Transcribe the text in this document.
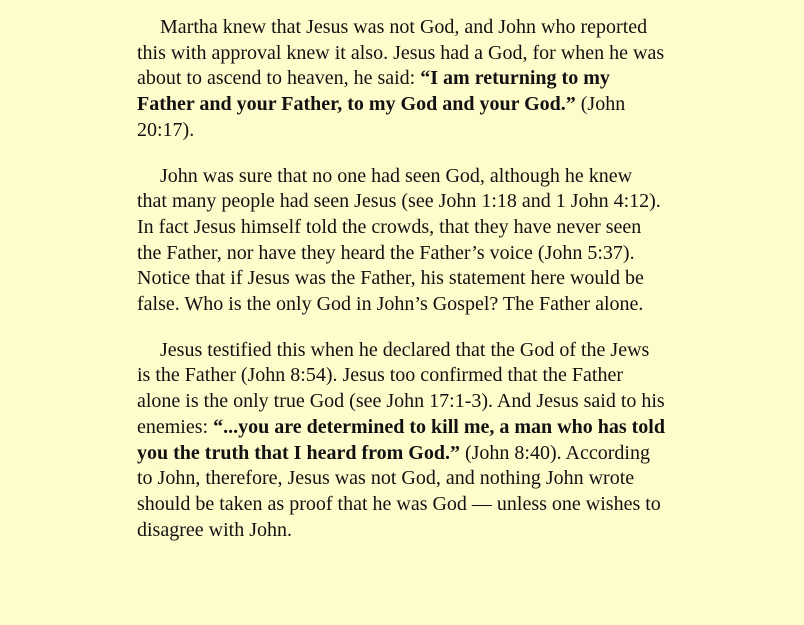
Martha knew that Jesus was not God, and John who reported this with approval knew it also. Jesus had a God, for when he was about to ascend to heaven, he said: “I am returning to my Father and your Father, to my God and your God.” (John 20:17).

John was sure that no one had seen God, although he knew that many people had seen Jesus (see John 1:18 and 1 John 4:12). In fact Jesus himself told the crowds, that they have never seen the Father, nor have they heard the Father’s voice (John 5:37). Notice that if Jesus was the Father, his statement here would be false. Who is the only God in John’s Gospel? The Father alone.

Jesus testified this when he declared that the God of the Jews is the Father (John 8:54). Jesus too confirmed that the Father alone is the only true God (see John 17:1-3). And Jesus said to his enemies: “...you are determined to kill me, a man who has told you the truth that I heard from God.” (John 8:40). According to John, therefore, Jesus was not God, and nothing John wrote should be taken as proof that he was God — unless one wishes to disagree with John.
